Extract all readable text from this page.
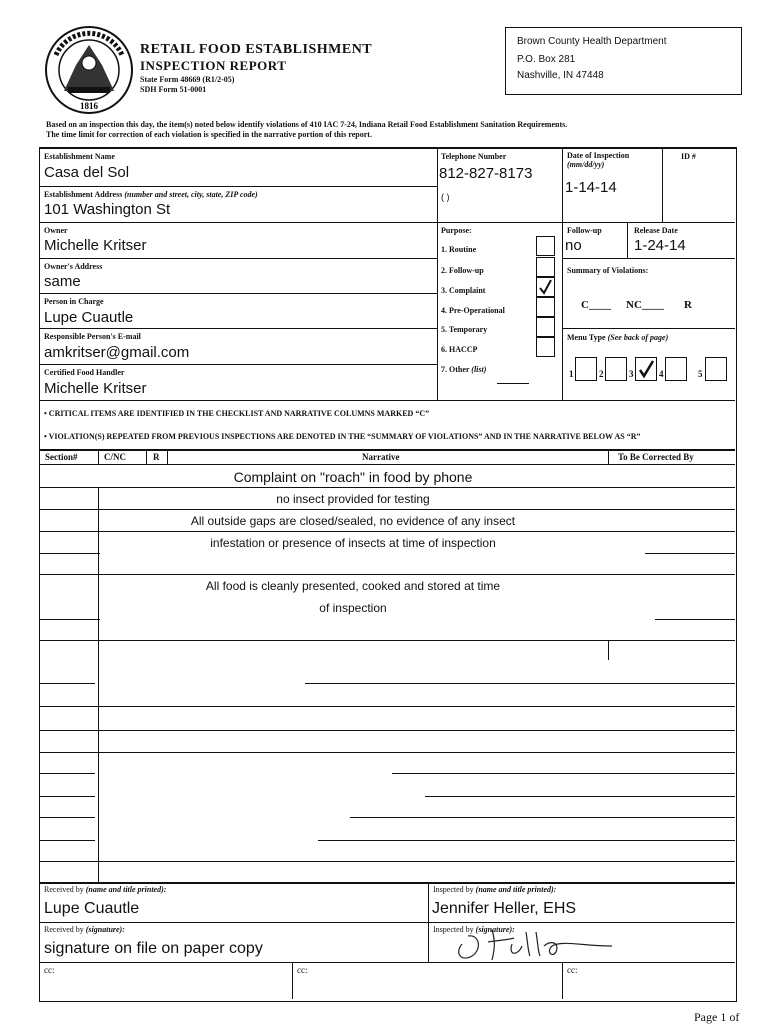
1816
RETAIL FOOD ESTABLISHMENT
INSPECTION REPORT
State Form 48669 (R1/2-05)
SDH Form 51-0001
Brown County Health Department
P.O. Box 281
Nashville, IN 47448
Based on an inspection this day, the item(s) noted below identify violations of 410 IAC 7-24, Indiana Retail Food Establishment Sanitation Requirements.
The time limit for correction of each violation is specified in the narrative portion of this report.
Establishment Name
Casa del Sol
Establishment Address (number and street, city, state, ZIP code)
101 Washington St
Owner
Michelle Kritser
Owner's Address
same
Person in Charge
Lupe Cuautle
Responsible Person's E-mail
amkritser@gmail.com
Certified Food Handler
Michelle Kritser
Telephone Number
812-827-8173
( )
Date of Inspection
(mm/dd/yy)
1-14-14
ID #
Follow-up
no
Release Date
1-24-14
Summary of Violations:
C____ NC____ R
Menu Type (See back of page)
1	2	3	4	5
Purpose:
1. Routine
2. Follow-up
3. Complaint
4. Pre-Operational
5. Temporary
6. HACCP
7. Other (list)
• CRITICAL ITEMS ARE IDENTIFIED IN THE CHECKLIST AND NARRATIVE COLUMNS MARKED “C”
• VIOLATION(S) REPEATED FROM PREVIOUS INSPECTIONS ARE DENOTED IN THE “SUMMARY OF VIOLATIONS” AND IN THE NARRATIVE BELOW AS “R”
Section#	C/NC	R	Narrative	To Be Corrected By
Complaint on "roach" in food by phone
no insect provided for testing
All outside gaps are closed/sealed, no evidence of any insect
infestation or presence of insects at time of inspection
All food is cleanly presented, cooked and stored at time
of inspection
Received by (name and title printed):
Lupe Cuautle
Inspected by (name and title printed):
Jennifer Heller, EHS
Received by (signature):
signature on file on paper copy
Inspected by (signature):
cc:	cc:	cc:
Page 1 of
